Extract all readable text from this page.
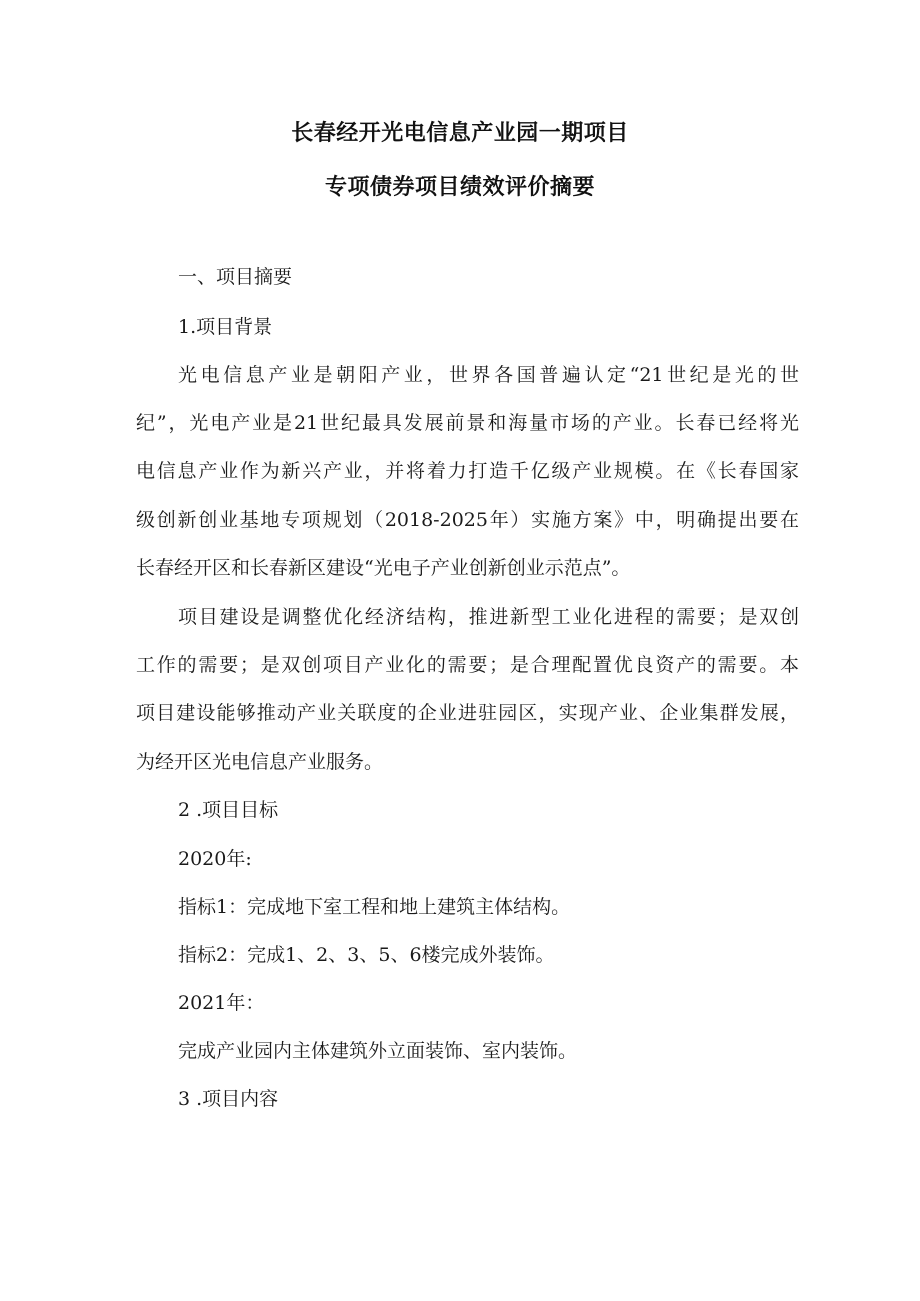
长春经开光电信息产业园一期项目
专项债券项目绩效评价摘要
一、项目摘要
1.项目背景
光电信息产业是朝阳产业，世界各国普遍认定“21世纪是光的世
纪”，光电产业是21世纪最具发展前景和海量市场的产业。长春已经将光
电信息产业作为新兴产业，并将着力打造千亿级产业规模。在《长春国家
级创新创业基地专项规划（2018-2025年）实施方案》中，明确提出要在
长春经开区和长春新区建设“光电子产业创新创业示范点”。
项目建设是调整优化经济结构，推进新型工业化进程的需要；是双创
工作的需要；是双创项目产业化的需要；是合理配置优良资产的需要。本
项目建设能够推动产业关联度的企业进驻园区，实现产业、企业集群发展，
为经开区光电信息产业服务。
2 .项目目标
2020年:
指标1：完成地下室工程和地上建筑主体结构。
指标2：完成1、2、3、5、6楼完成外装饰。
2021年：
完成产业园内主体建筑外立面装饰、室内装饰。
3 .项目内容
